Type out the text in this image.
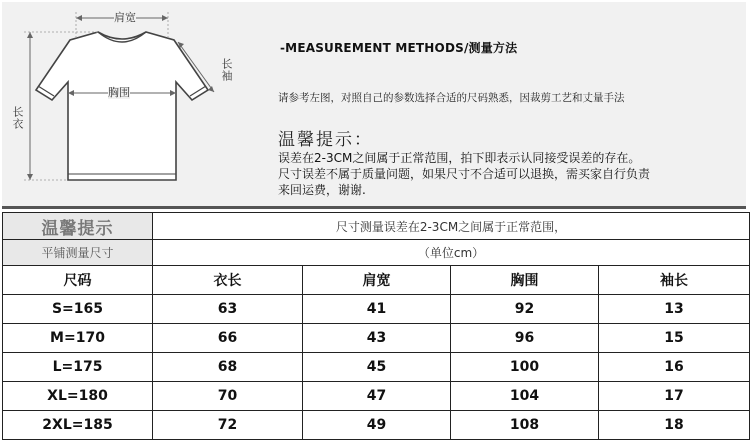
肩宽
胸围
长衣
长袖
-MEASUREMENT METHODS/测量方法
请参考左图，对照自己的参数选择合适的尺码熟悉，因裁剪工艺和丈量手法
温馨提示：
误差在2-3CM之间属于正常范围，拍下即表示认同接受误差的存在。
尺寸误差不属于质量问题，如果尺寸不合适可以退换，需买家自行负责
来回运费，谢谢.
温馨提示	尺寸测量误差在2-3CM之间属于正常范围，			
平铺测量尺寸	（单位cm）			
尺码	衣长	肩宽	胸围	袖长
S=165	63	41	92	13
M=170	66	43	96	15
L=175	68	45	100	16
XL=180	70	47	104	17
2XL=185	72	49	108	18
